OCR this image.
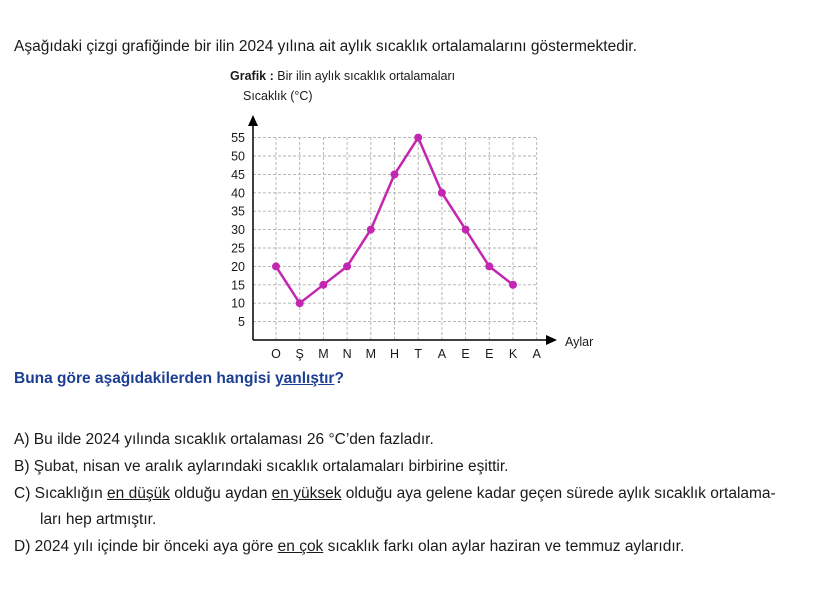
Aşağıdaki çizgi grafiğinde bir ilin 2024 yılına ait aylık sıcaklık ortalamalarını göstermektedir.
Grafik : Bir ilin aylık sıcaklık ortalamaları
Sıcaklık (°C)
5
10
15
20
25
30
35
40
45
50
55
O Ş M N M H T A E E K A
Aylar
Buna göre aşağıdakilerden hangisi yanlıştır?
A) Bu ilde 2024 yılında sıcaklık ortalaması 26 °C’den fazladır.
B) Şubat, nisan ve aralık aylarındaki sıcaklık ortalamaları birbirine eşittir.
C) Sıcaklığın en düşük olduğu aydan en yüksek olduğu aya gelene kadar geçen sürede aylık sıcaklık ortalama-
ları hep artmıştır.
D) 2024 yılı içinde bir önceki aya göre en çok sıcaklık farkı olan aylar haziran ve temmuz aylarıdır.
